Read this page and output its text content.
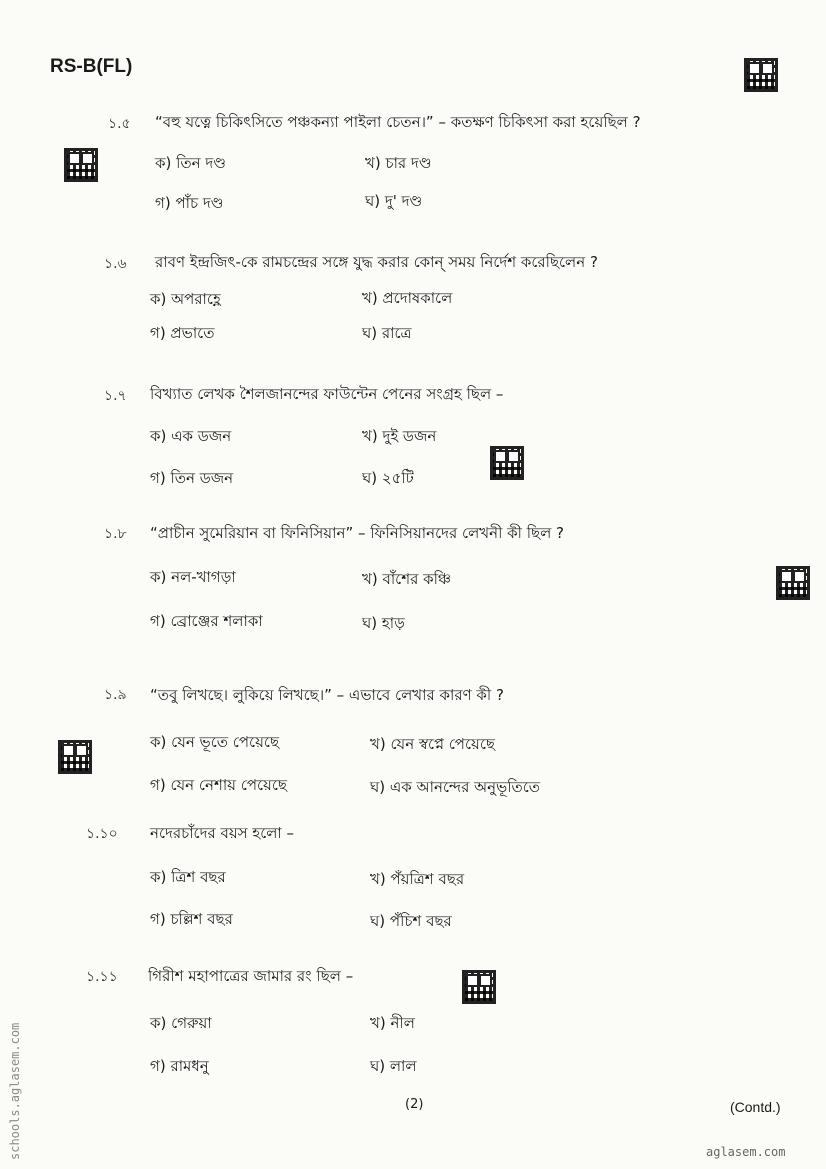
RS-B(FL)
১.৫ “বহু যত্নে চিকিৎসিতে পঞ্চকন্যা পাইলা চেতন।” – কতক্ষণ চিকিৎসা করা হয়েছিল ?
ক) তিন দণ্ড	খ) চার দণ্ড
গ) পাঁচ দণ্ড	ঘ) দু' দণ্ড
১.৬ রাবণ ইন্দ্রজিৎ-কে রামচন্দ্রের সঙ্গে যুদ্ধ করার কোন্ সময় নির্দেশ করেছিলেন ?
ক) অপরাহ্ণে	খ) প্রদোষকালে
গ) প্রভাতে	ঘ) রাত্রে
১.৭ বিখ্যাত লেখক শৈলজানন্দের ফাউন্টেন পেনের সংগ্রহ ছিল –
ক) এক ডজন	খ) দুই ডজন
গ) তিন ডজন	ঘ) ২৫টি
১.৮ “প্রাচীন সুমেরিয়ান বা ফিনিসিয়ান” – ফিনিসিয়ানদের লেখনী কী ছিল ?
ক) নল-খাগড়া	খ) বাঁশের কঞ্চি
গ) ব্রোঞ্জের শলাকা	ঘ) হাড়
১.৯ “তবু লিখছে। লুকিয়ে লিখছে।” – এভাবে লেখার কারণ কী ?
ক) যেন ভূতে পেয়েছে	খ) যেন স্বপ্নে পেয়েছে
গ) যেন নেশায় পেয়েছে	ঘ) এক আনন্দের অনুভূতিতে
১.১০ নদেরচাঁদের বয়স হলো –
ক) ত্রিশ বছর	খ) পঁয়ত্রিশ বছর
গ) চল্লিশ বছর	ঘ) পঁচিশ বছর
১.১১ গিরীশ মহাপাত্রের জামার রং ছিল –
ক) গেরুয়া	খ) নীল
গ) রামধনু	ঘ) লাল
(2)	(Contd.)
schools.aglasem.com	aglasem.com
